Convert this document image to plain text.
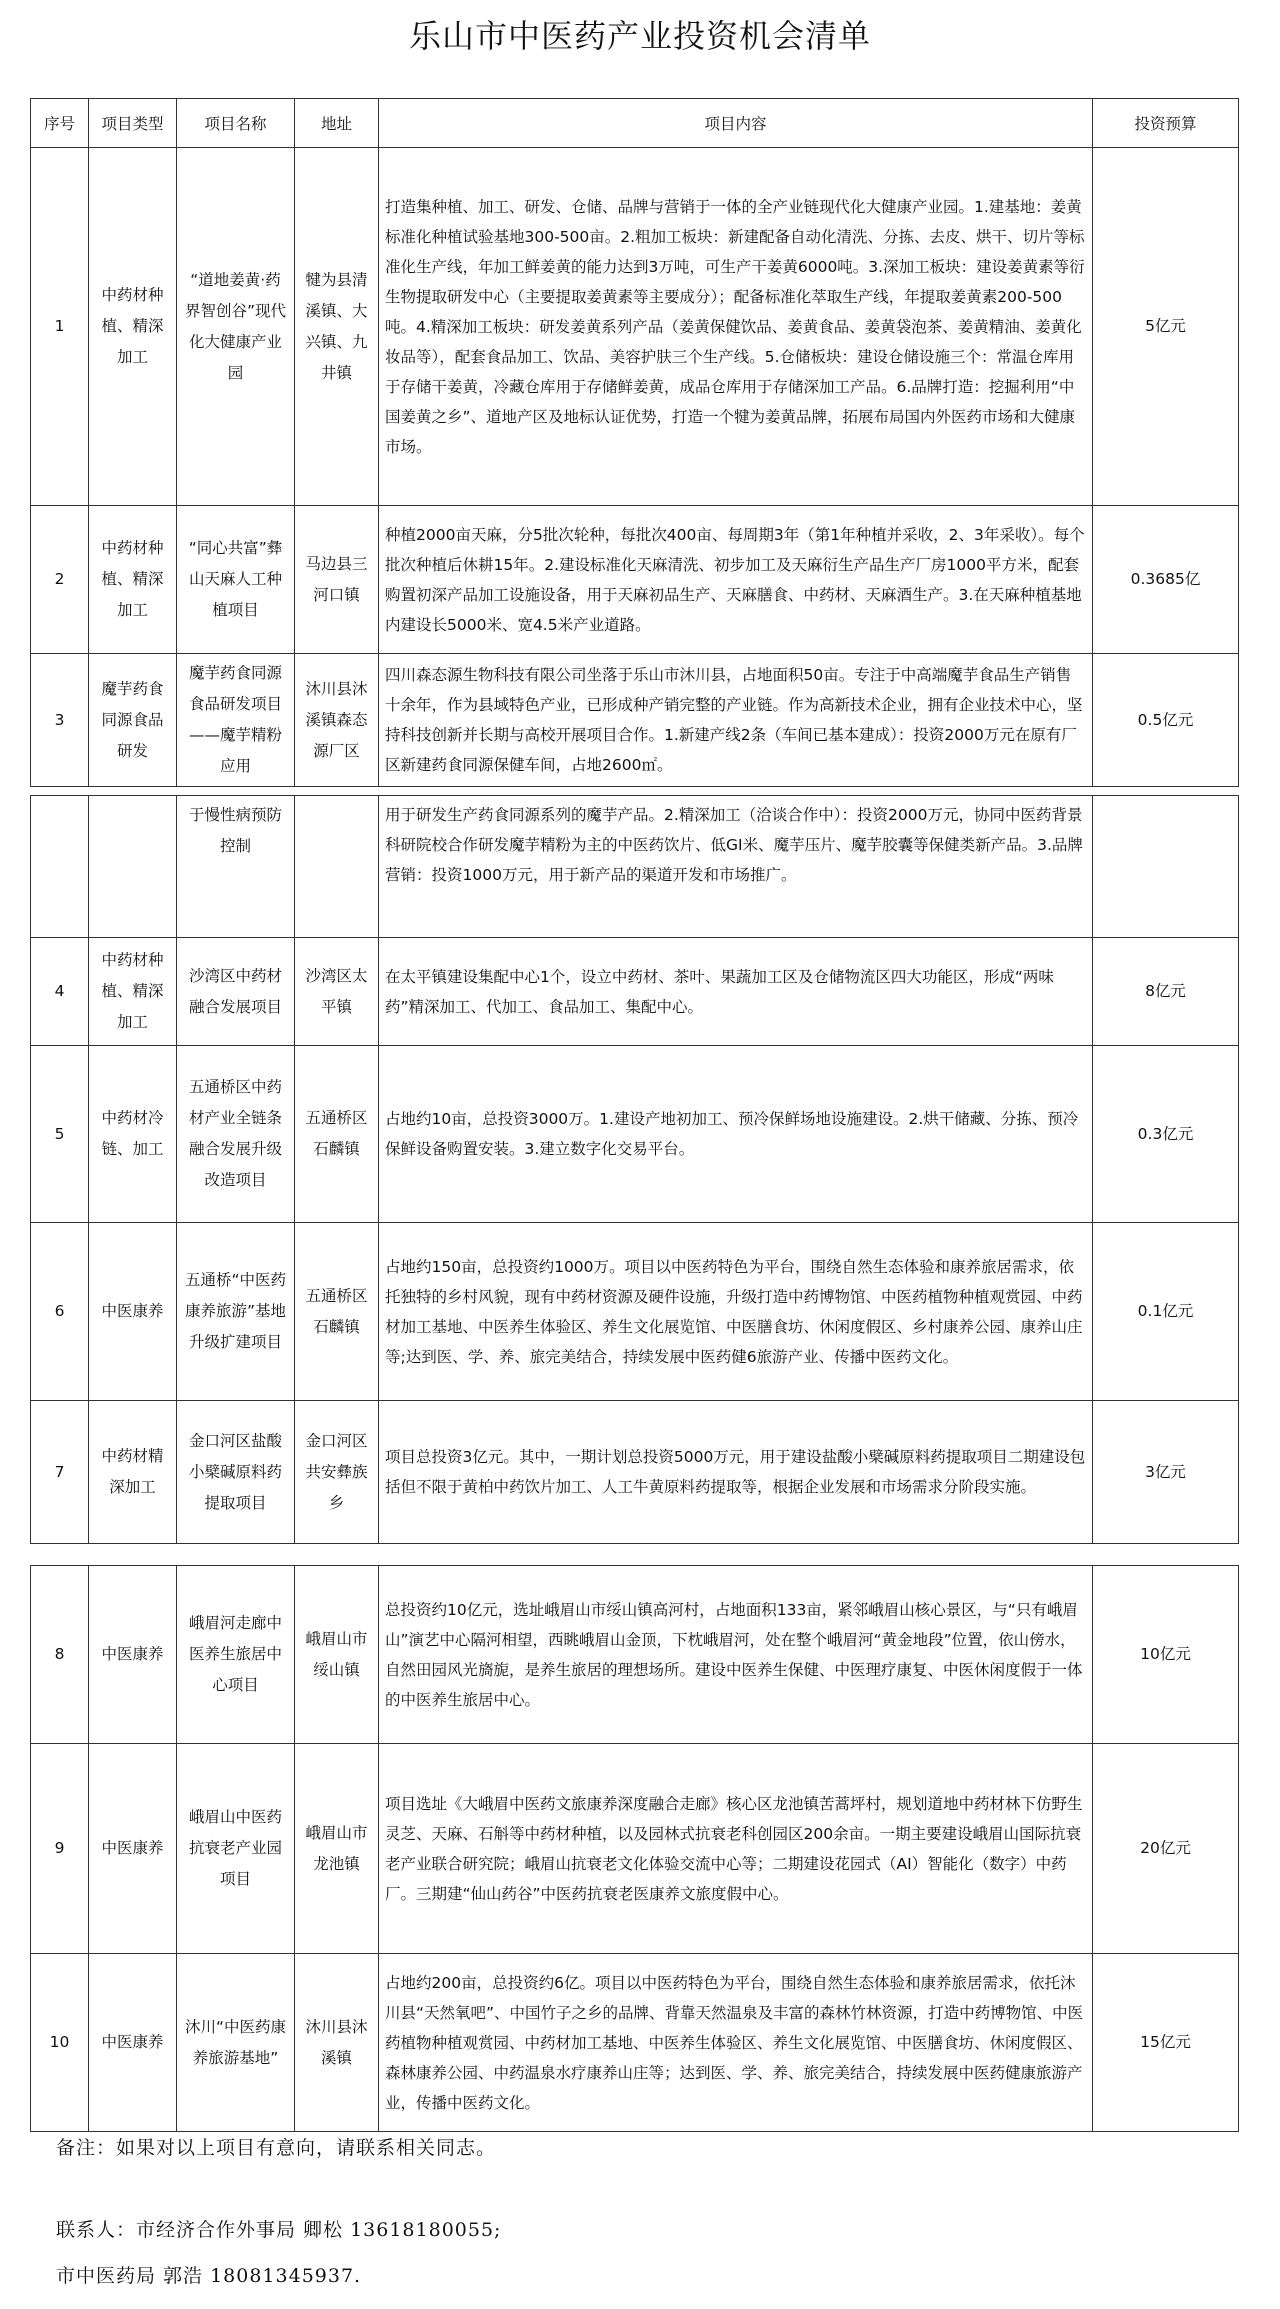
乐山市中医药产业投资机会清单
序号	项目类型	项目名称	地址	项目内容	投资预算
1	中药材种植、精深加工	“道地姜黄·药界智创谷”现代化大健康产业园	犍为县清溪镇、大兴镇、九井镇	打造集种植、加工、研发、仓储、品牌与营销于一体的全产业链现代化大健康产业园。1.建基地：姜黄标准化种植试验基地300-500亩。2.粗加工板块：新建配备自动化清洗、分拣、去皮、烘干、切片等标准化生产线，年加工鲜姜黄的能力达到3万吨，可生产干姜黄6000吨。3.深加工板块：建设姜黄素等衍生物提取研发中心（主要提取姜黄素等主要成分）；配备标准化萃取生产线，年提取姜黄素200-500吨。4.精深加工板块：研发姜黄系列产品（姜黄保健饮品、姜黄食品、姜黄袋泡茶、姜黄精油、姜黄化妆品等），配套食品加工、饮品、美容护肤三个生产线。5.仓储板块：建设仓储设施三个：常温仓库用于存储干姜黄，冷藏仓库用于存储鲜姜黄，成品仓库用于存储深加工产品。6.品牌打造：挖掘利用“中国姜黄之乡”、道地产区及地标认证优势，打造一个犍为姜黄品牌，拓展布局国内外医药市场和大健康市场。	5亿元
2	中药材种植、精深加工	“同心共富”彝山天麻人工种植项目	马边县三河口镇	种植2000亩天麻，分5批次轮种，每批次400亩、每周期3年（第1年种植并采收，2、3年采收）。每个批次种植后休耕15年。2.建设标准化天麻清洗、初步加工及天麻衍生产品生产厂房1000平方米，配套购置初深产品加工设施设备，用于天麻初品生产、天麻膳食、中药材、天麻酒生产。3.在天麻种植基地内建设长5000米、宽4.5米产业道路。	0.3685亿
3	魔芋药食同源食品研发	魔芋药食同源食品研发项目——魔芋精粉应用	沐川县沐溪镇森态源厂区	四川森态源生物科技有限公司坐落于乐山市沐川县，占地面积50亩。专注于中高端魔芋食品生产销售十余年，作为县域特色产业，已形成种产销完整的产业链。作为高新技术企业，拥有企业技术中心，坚持科技创新并长期与高校开展项目合作。1.新建产线2条（车间已基本建成）：投资2000万元在原有厂区新建药食同源保健车间，占地2600㎡。	0.5亿元
		于慢性病预防控制		用于研发生产药食同源系列的魔芋产品。2.精深加工（洽谈合作中）：投资2000万元，协同中医药背景科研院校合作研发魔芋精粉为主的中医药饮片、低GI米、魔芋压片、魔芋胶囊等保健类新产品。3.品牌营销：投资1000万元，用于新产品的渠道开发和市场推广。	
4	中药材种植、精深加工	沙湾区中药材融合发展项目	沙湾区太平镇	在太平镇建设集配中心1个，设立中药材、茶叶、果蔬加工区及仓储物流区四大功能区，形成“两味药”精深加工、代加工、食品加工、集配中心。	8亿元
5	中药材冷链、加工	五通桥区中药材产业全链条融合发展升级改造项目	五通桥区石麟镇	占地约10亩，总投资3000万。1.建设产地初加工、预冷保鲜场地设施建设。2.烘干储藏、分拣、预冷保鲜设备购置安装。3.建立数字化交易平台。	0.3亿元
6	中医康养	五通桥“中医药康养旅游”基地升级扩建项目	五通桥区石麟镇	占地约150亩，总投资约1000万。项目以中医药特色为平台，围绕自然生态体验和康养旅居需求，依托独特的乡村风貌，现有中药材资源及硬件设施，升级打造中药博物馆、中医药植物种植观赏园、中药材加工基地、中医养生体验区、养生文化展览馆、中医膳食坊、休闲度假区、乡村康养公园、康养山庄等;达到医、学、养、旅完美结合，持续发展中医药健6旅游产业、传播中医药文化。	0.1亿元
7	中药材精深加工	金口河区盐酸小檗碱原料药提取项目	金口河区共安彝族乡	项目总投资3亿元。其中，一期计划总投资5000万元，用于建设盐酸小檗碱原料药提取项目二期建设包括但不限于黄柏中药饮片加工、人工牛黄原料药提取等，根据企业发展和市场需求分阶段实施。	3亿元
8	中医康养	峨眉河走廊中医养生旅居中心项目	峨眉山市绥山镇	总投资约10亿元，选址峨眉山市绥山镇高河村，占地面积133亩，紧邻峨眉山核心景区，与“只有峨眉山”演艺中心隔河相望，西眺峨眉山金顶，下枕峨眉河，处在整个峨眉河“黄金地段”位置，依山傍水，自然田园风光旖旎，是养生旅居的理想场所。建设中医养生保健、中医理疗康复、中医休闲度假于一体的中医养生旅居中心。	10亿元
9	中医康养	峨眉山中医药抗衰老产业园项目	峨眉山市龙池镇	项目选址《大峨眉中医药文旅康养深度融合走廊》核心区龙池镇苦蒿坪村，规划道地中药材林下仿野生灵芝、天麻、石斛等中药材种植，以及园林式抗衰老科创园区200余亩。一期主要建设峨眉山国际抗衰老产业联合研究院；峨眉山抗衰老文化体验交流中心等；二期建设花园式（AI）智能化（数字）中药厂。三期建“仙山药谷”中医药抗衰老医康养文旅度假中心。	20亿元
10	中医康养	沐川“中医药康养旅游基地”	沐川县沐溪镇	占地约200亩，总投资约6亿。项目以中医药特色为平台，围绕自然生态体验和康养旅居需求，依托沐川县“天然氧吧”、中国竹子之乡的品牌、背靠天然温泉及丰富的森林竹林资源，打造中药博物馆、中医药植物种植观赏园、中药材加工基地、中医养生体验区、养生文化展览馆、中医膳食坊、休闲度假区、森林康养公园、中药温泉水疗康养山庄等；达到医、学、养、旅完美结合，持续发展中医药健康旅游产业，传播中医药文化。	15亿元
备注：如果对以上项目有意向，请联系相关同志。
联系人：市经济合作外事局 卿松 13618180055;
市中医药局 郭浩 18081345937.
